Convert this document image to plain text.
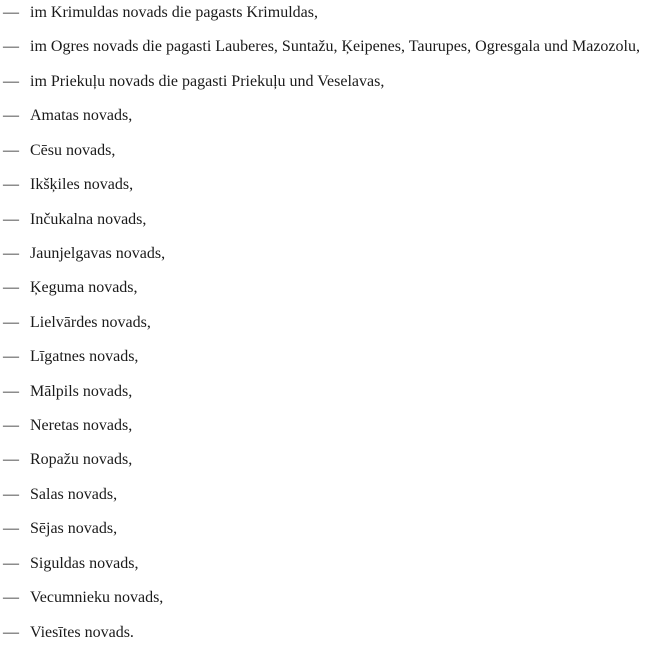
— im Krimuldas novads die pagasts Krimuldas,
— im Ogres novads die pagasti Lauberes, Suntažu, Ķeipenes, Taurupes, Ogresgala und Mazozolu,
— im Priekuļu novads die pagasti Priekuļu und Veselavas,
— Amatas novads,
— Cēsu novads,
— Ikšķiles novads,
— Inčukalna novads,
— Jaunjelgavas novads,
— Ķeguma novads,
— Lielvārdes novads,
— Līgatnes novads,
— Mālpils novads,
— Neretas novads,
— Ropažu novads,
— Salas novads,
— Sējas novads,
— Siguldas novads,
— Vecumnieku novads,
— Viesītes novads.
